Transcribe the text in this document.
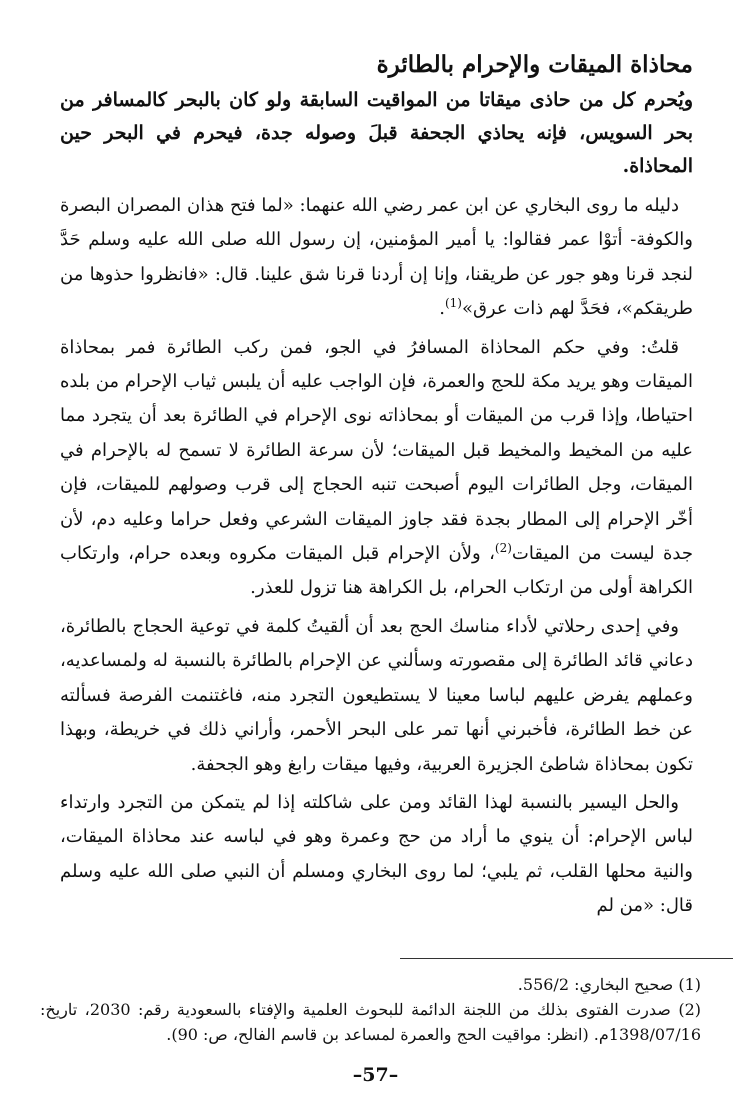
محاذاة الميقات والإحرام بالطائرة

ويُحرم كل من حاذى ميقاتا من المواقيت السابقة ولو كان بالبحر كالمسافر من بحر السويس، فإنه يحاذي الجحفة قبلَ وصوله جدة، فيحرم في البحر حين المحاذاة.

دليله ما روى البخاري عن ابن عمر رضي الله عنهما: «لما فتح هذان المصران البصرة والكوفة- أتوْا عمر فقالوا: يا أمير المؤمنين، إن رسول الله صلى الله عليه وسلم حَدَّ لنجد قرنا وهو جور عن طريقنا، وإنا إن أردنا قرنا شق علينا. قال: «فانظروا حذوها من طريقكم»، فحَدَّ لهم ذات عرق»$^{(1)}$.

قلتُ: وفي حكم المحاذاة المسافرُ في الجو، فمن ركب الطائرة فمر بمحاذاة الميقات وهو يريد مكة للحج والعمرة، فإن الواجب عليه أن يلبس ثياب الإحرام من بلده احتياطا، وإذا قرب من الميقات أو بمحاذاته نوى الإحرام في الطائرة بعد أن يتجرد مما عليه من المخيط والمخيط قبل الميقات؛ لأن سرعة الطائرة لا تسمح له بالإحرام في الميقات، وجل الطائرات اليوم أصبحت تنبه الحجاج إلى قرب وصولهم للميقات، فإن أخّر الإحرام إلى المطار بجدة فقد جاوز الميقات الشرعي وفعل حراما وعليه دم، لأن جدة ليست من الميقات$^{(2)}$، ولأن الإحرام قبل الميقات مكروه وبعده حرام، وارتكاب الكراهة أولى من ارتكاب الحرام، بل الكراهة هنا تزول للعذر.

وفي إحدى رحلاتي لأداء مناسك الحج بعد أن ألقيتُ كلمة في توعية الحجاج بالطائرة، دعاني قائد الطائرة إلى مقصورته وسألني عن الإحرام بالطائرة بالنسبة له ولمساعديه، وعملهم يفرض عليهم لباسا معينا لا يستطيعون التجرد منه، فاغتنمت الفرصة فسألته عن خط الطائرة، فأخبرني أنها تمر على البحر الأحمر، وأراني ذلك في خريطة، وبهذا تكون بمحاذاة شاطئ الجزيرة العربية، وفيها ميقات رابغ وهو الجحفة.

والحل اليسير بالنسبة لهذا القائد ومن على شاكلته إذا لم يتمكن من التجرد وارتداء لباس الإحرام: أن ينوي ما أراد من حج وعمرة وهو في لباسه عند محاذاة الميقات، والنية محلها القلب، ثم يلبي؛ لما روى البخاري ومسلم أن النبي صلى الله عليه وسلم قال: «من لم

(1) صحيح البخاري: 556/2.

(2) صدرت الفتوى بذلك من اللجنة الدائمة للبحوث العلمية والإفتاء بالسعودية رقم: 2030، تاريخ: 1398/07/16م. (انظر: مواقيت الحج والعمرة لمساعد بن قاسم الفالح، ص: 90).

–57–
